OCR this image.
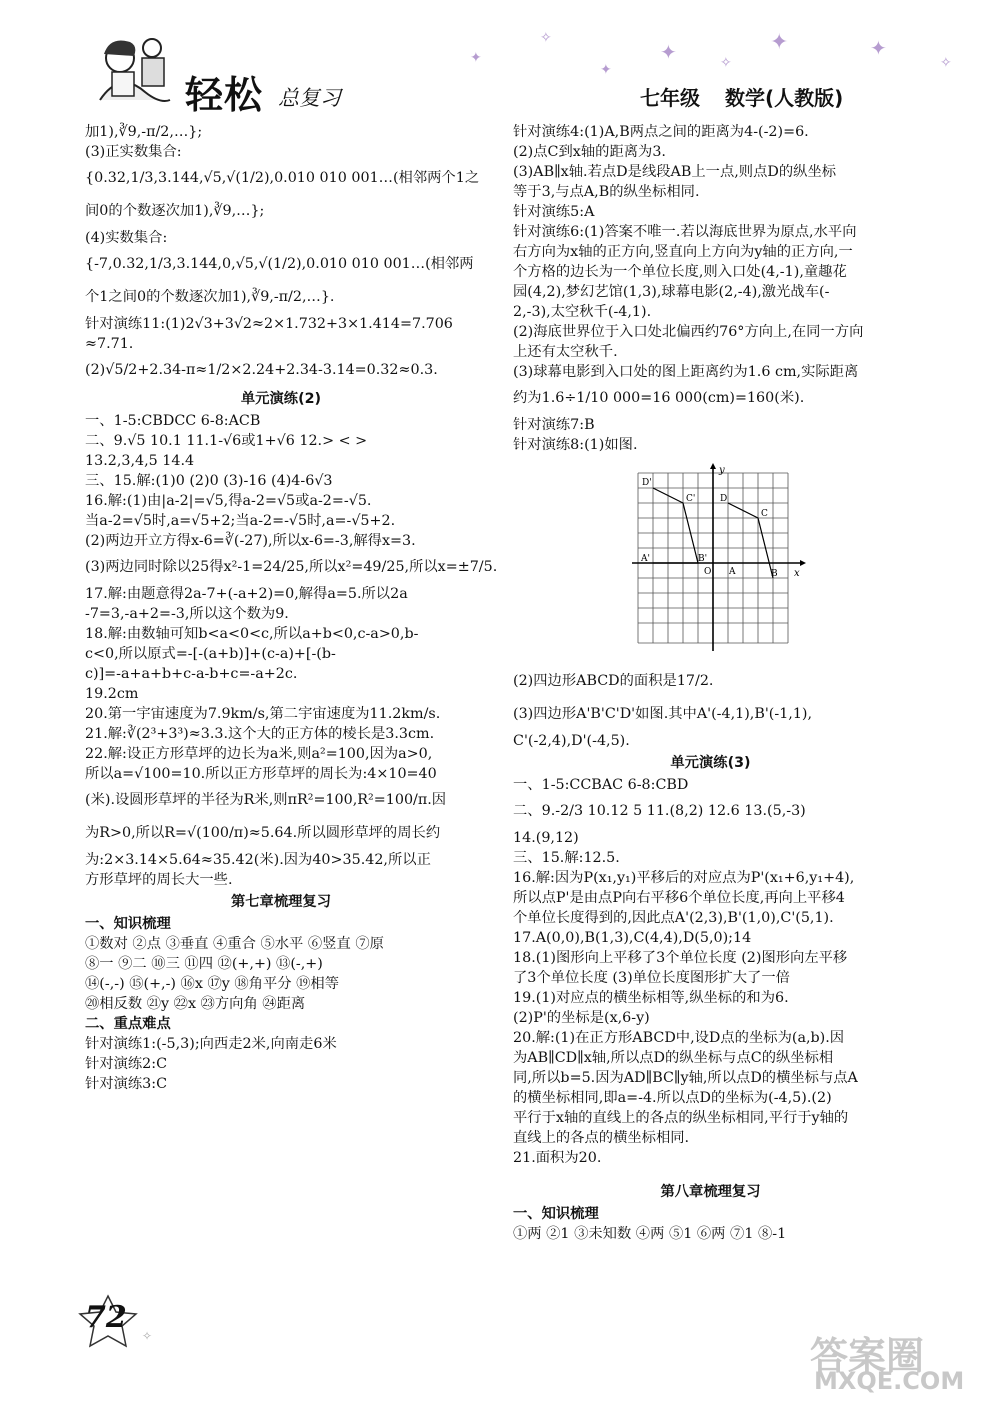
轻松 总复习	七年级 数学(人教版)
✦
✧
✦
✦	✦	✦
✧
✧
加1),∛9,-π/2,…};
(3)正实数集合:
{0.32,1/3,3.14̇4̇,√5,√(1/2),0.010 010 001…(相邻两个1之
间0的个数逐次加1),∛9,…};
(4)实数集合:
{-7,0.32,1/3,3.14̇4̇,0,√5,√(1/2),0.010 010 001…(相邻两
个1之间0的个数逐次加1),∛9,-π/2,…}.
针对演练11:(1)2√3+3√2≈2×1.732+3×1.414=7.706
≈7.71.
(2)√5/2+2.34-π≈1/2×2.24+2.34-3.14=0.32≈0.3.
单元演练(2)
一、1-5:CBDCC 6-8:ACB
二、9.√5 10.1 11.1-√6或1+√6 12.> < >
13.2,3,4,5 14.4
三、15.解:(1)0 (2)0 (3)-16 (4)4-6√3
16.解:(1)由|a-2|=√5,得a-2=√5或a-2=-√5.
当a-2=√5时,a=√5+2;当a-2=-√5时,a=-√5+2.
(2)两边开立方得x-6=∛(-27),所以x-6=-3,解得x=3.
(3)两边同时除以25得x²-1=24/25,所以x²=49/25,所以x=±7/5.
17.解:由题意得2a-7+(-a+2)=0,解得a=5.所以2a
-7=3,-a+2=-3,所以这个数为9.
18.解:由数轴可知b<a<0<c,所以a+b<0,c-a>0,b-
c<0,所以原式=-[-(a+b)]+(c-a)+[-(b-
c)]=-a+a+b+c-a-b+c=-a+2c.
19.2cm
20.第一宇宙速度为7.9km/s,第二宇宙速度为11.2km/s.
21.解:∛(2³+3³)≈3.3.这个大的正方体的棱长是3.3cm.
22.解:设正方形草坪的边长为a米,则a²=100,因为a>0,
所以a=√100=10.所以正方形草坪的周长为:4×10=40
(米).设圆形草坪的半径为R米,则πR²=100,R²=100/π.因
为R>0,所以R=√(100/π)≈5.64.所以圆形草坪的周长约
为:2×3.14×5.64≈35.42(米).因为40>35.42,所以正
方形草坪的周长大一些.
第七章梳理复习
一、知识梳理
①数对 ②点 ③垂直 ④重合 ⑤水平 ⑥竖直 ⑦原
⑧一 ⑨二 ⑩三 ⑪四 ⑫(+,+) ⑬(-,+)
⑭(-,-) ⑮(+,-) ⑯x ⑰y ⑱角平分 ⑲相等
⑳相反数 ㉑y ㉒x ㉓方向角 ㉔距离
二、重点难点
针对演练1:(-5,3);向西走2米,向南走6米
针对演练2:C
针对演练3:C
针对演练4:(1)A,B两点之间的距离为4-(-2)=6.
(2)点C到x轴的距离为3.
(3)AB∥x轴.若点D是线段AB上一点,则点D的纵坐标
等于3,与点A,B的纵坐标相同.
针对演练5:A
针对演练6:(1)答案不唯一.若以海底世界为原点,水平向
右方向为x轴的正方向,竖直向上方向为y轴的正方向,一
个方格的边长为一个单位长度,则入口处(4,-1),童趣花
园(4,2),梦幻艺馆(1,3),球幕电影(2,-4),激光战车(-
2,-3),太空秋千(-4,1).
(2)海底世界位于入口处北偏西约76°方向上,在同一方向
上还有太空秋千.
(3)球幕电影到入口处的图上距离约为1.6 cm,实际距离
约为1.6÷1/10 000=16 000(cm)=160(米).
针对演练7:B
针对演练8:(1)如图.
x
y
D'
C'
A'	B'
D
C
A	B
O
(2)四边形ABCD的面积是17/2.
(3)四边形A'B'C'D'如图.其中A'(-4,1),B'(-1,1),
C'(-2,4),D'(-4,5).
单元演练(3)
一、1-5:CCBAC 6-8:CBD
二、9.-2/3 10.12 5 11.(8,2) 12.6 13.(5,-3)
14.(9,12)
三、15.解:12.5.
16.解:因为P(x₁,y₁)平移后的对应点为P'(x₁+6,y₁+4),
所以点P'是由点P向右平移6个单位长度,再向上平移4
个单位长度得到的,因此点A'(2,3),B'(1,0),C'(5,1).
17.A(0,0),B(1,3),C(4,4),D(5,0);14
18.(1)图形向上平移了3个单位长度 (2)图形向左平移
了3个单位长度 (3)单位长度图形扩大了一倍
19.(1)对应点的横坐标相等,纵坐标的和为6.
(2)P'的坐标是(x,6-y)
20.解:(1)在正方形ABCD中,设D点的坐标为(a,b).因
为AB∥CD∥x轴,所以点D的纵坐标与点C的纵坐标相
同,所以b=5.因为AD∥BC∥y轴,所以点D的横坐标与点A
的横坐标相同,即a=-4.所以点D的坐标为(-4,5).(2)
平行于x轴的直线上的各点的纵坐标相同,平行于y轴的
直线上的各点的横坐标相同.
21.面积为20.
第八章梳理复习
一、知识梳理
①两 ②1 ③未知数 ④两 ⑤1 ⑥两 ⑦1 ⑧-1
✧
72
答案圈
MXQE.COM
